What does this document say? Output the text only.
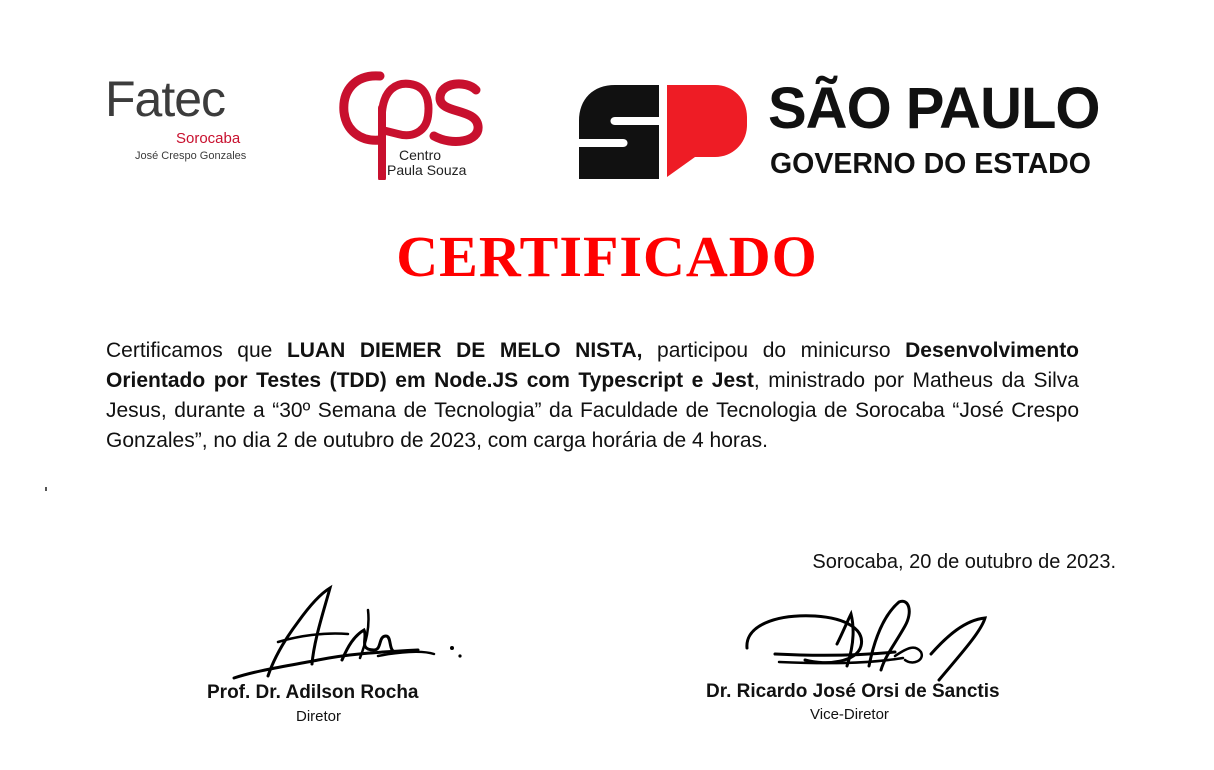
Fatec
Sorocaba
José Crespo Gonzales	Centro
Paula Souza
SÃO PAULO
GOVERNO DO ESTADO
CERTIFICADO
Certificamos que LUAN DIEMER DE MELO NISTA, participou do minicurso Desenvolvimento Orientado por Testes (TDD) em Node.JS com Typescript e Jest, ministrado por Matheus da Silva Jesus, durante a “30º Semana de Tecnologia” da Faculdade de Tecnologia de Sorocaba “José Crespo Gonzales”, no dia 2 de outubro de 2023, com carga horária de 4 horas.
Sorocaba, 20 de outubro de 2023.
Prof. Dr. Adilson Rocha
Diretor
Dr. Ricardo José Orsi de Sanctis
Vice-Diretor
